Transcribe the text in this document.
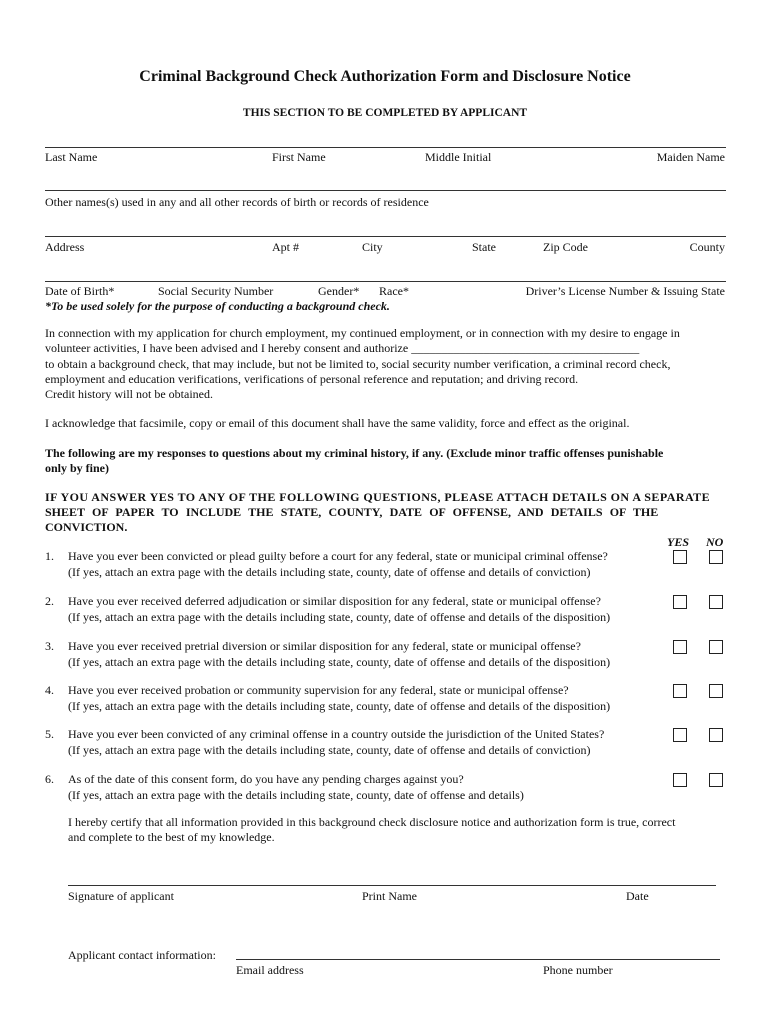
Criminal Background Check Authorization Form and Disclosure Notice
THIS SECTION TO BE COMPLETED BY APPLICANT
Last Name	First Name	Middle Initial	Maiden Name
Other names(s) used in any and all other records of birth or records of residence
Address	Apt #	City	State	Zip Code	County
Date of Birth*	Social Security Number	Gender* Race*	Driver’s License Number & Issuing State
*To be used solely for the purpose of conducting a background check.
In connection with my application for church employment, my continued employment, or in connection with my desire to engage in
volunteer activities, I have been advised and I hereby consent and authorize ______________________________________
to obtain a background check, that may include, but not be limited to, social security number verification, a criminal record check,
employment and education verifications, verifications of personal reference and reputation; and driving record.
Credit history will not be obtained.
I acknowledge that facsimile, copy or email of this document shall have the same validity, force and effect as the original.
The following are my responses to questions about my criminal history, if any. (Exclude minor traffic offenses punishable
only by fine)
IF YOU ANSWER YES TO ANY OF THE FOLLOWING QUESTIONS, PLEASE ATTACH DETAILS ON A SEPARATE
SHEET OF PAPER TO INCLUDE THE STATE, COUNTY, DATE OF OFFENSE, AND DETAILS OF THE
CONVICTION.
YES NO
1. Have you ever been convicted or plead guilty before a court for any federal, state or municipal criminal offense?
(If yes, attach an extra page with the details including state, county, date of offense and details of conviction)
2. Have you ever received deferred adjudication or similar disposition for any federal, state or municipal offense?
(If yes, attach an extra page with the details including state, county, date of offense and details of the disposition)
3. Have you ever received pretrial diversion or similar disposition for any federal, state or municipal offense?
(If yes, attach an extra page with the details including state, county, date of offense and details of the disposition)
4. Have you ever received probation or community supervision for any federal, state or municipal offense?
(If yes, attach an extra page with the details including state, county, date of offense and details of the disposition)
5. Have you ever been convicted of any criminal offense in a country outside the jurisdiction of the United States?
(If yes, attach an extra page with the details including state, county, date of offense and details of conviction)
6. As of the date of this consent form, do you have any pending charges against you?
(If yes, attach an extra page with the details including state, county, date of offense and details)
I hereby certify that all information provided in this background check disclosure notice and authorization form is true, correct
and complete to the best of my knowledge.
Signature of applicant	Print Name	Date
Applicant contact information:
Email address	Phone number
